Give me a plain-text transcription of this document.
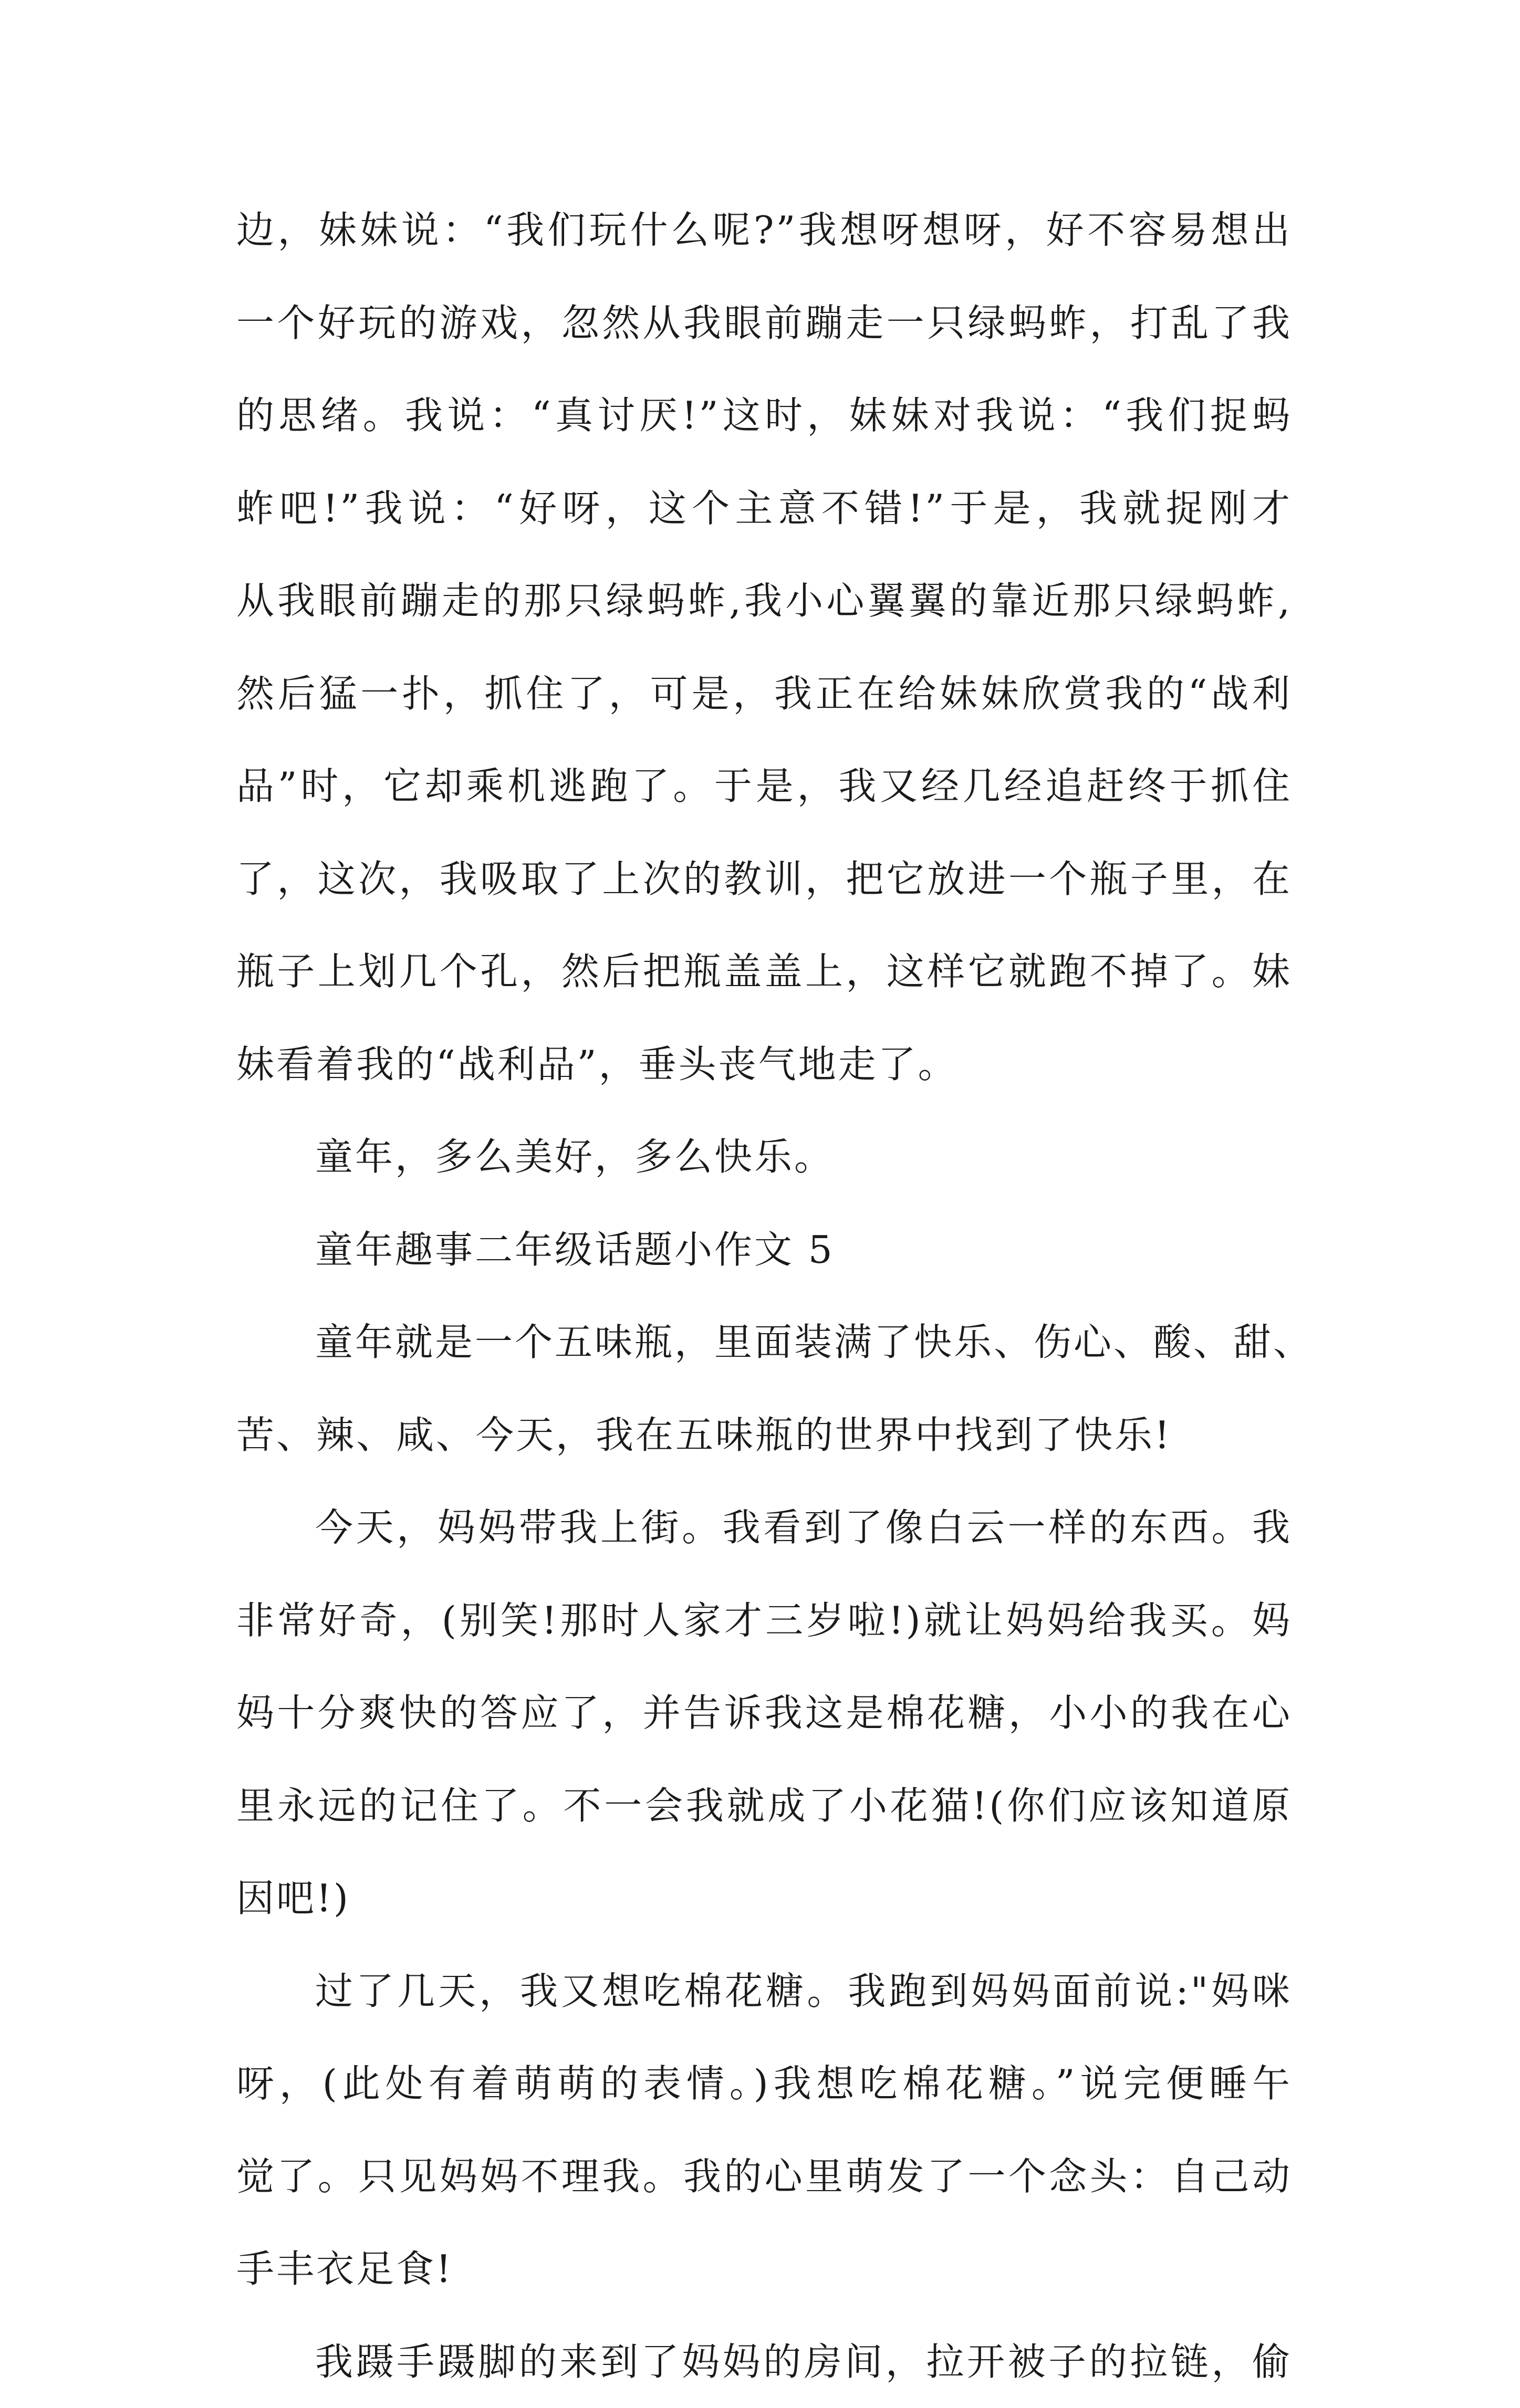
边，妹妹说：“我们玩什么呢?”我想呀想呀，好不容易想出
一个好玩的游戏，忽然从我眼前蹦走一只绿蚂蚱，打乱了我
的思绪。我说：“真讨厌!”这时，妹妹对我说：“我们捉蚂
蚱吧!”我说：“好呀，这个主意不错!”于是，我就捉刚才
从我眼前蹦走的那只绿蚂蚱,我小心翼翼的靠近那只绿蚂蚱,
然后猛一扑，抓住了，可是，我正在给妹妹欣赏我的“战利
品”时，它却乘机逃跑了。于是，我又经几经追赶终于抓住
了，这次，我吸取了上次的教训，把它放进一个瓶子里，在
瓶子上划几个孔，然后把瓶盖盖上，这样它就跑不掉了。妹
妹看着我的“战利品”，垂头丧气地走了。
童年，多么美好，多么快乐。
童年趣事二年级话题小作文 5
童年就是一个五味瓶，里面装满了快乐、伤心、酸、甜、
苦、辣、咸、今天，我在五味瓶的世界中找到了快乐!
今天，妈妈带我上街。我看到了像白云一样的东西。我
非常好奇，(别笑!那时人家才三岁啦!)就让妈妈给我买。妈
妈十分爽快的答应了，并告诉我这是棉花糖，小小的我在心
里永远的记住了。不一会我就成了小花猫!(你们应该知道原
因吧!)
过了几天，我又想吃棉花糖。我跑到妈妈面前说:"妈咪
呀，(此处有着萌萌的表情。)我想吃棉花糖。”说完便睡午
觉了。只见妈妈不理我。我的心里萌发了一个念头：自己动
手丰衣足食!
我蹑手蹑脚的来到了妈妈的房间，拉开被子的拉链，偷
